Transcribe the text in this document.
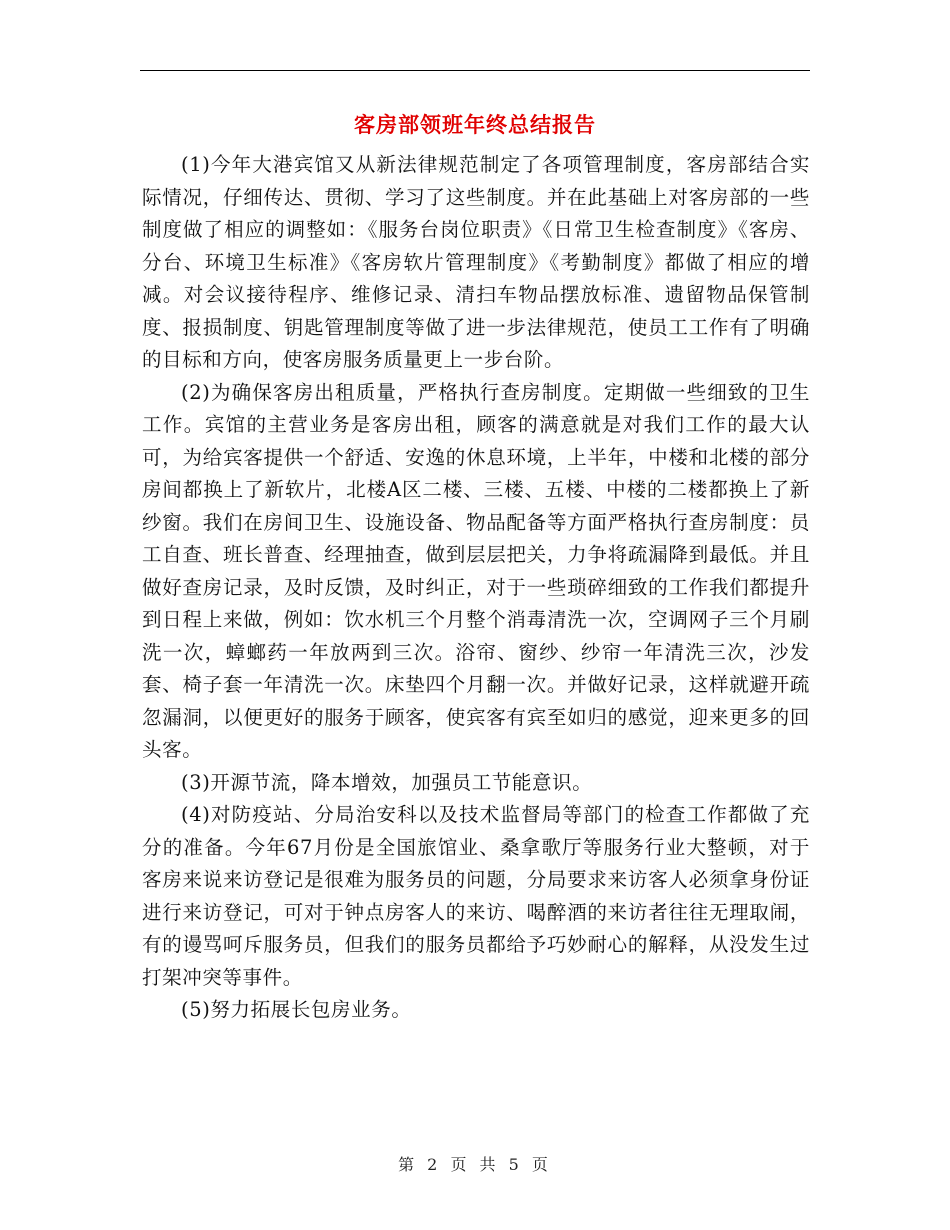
客房部领班年终总结报告

(1)今年大港宾馆又从新法律规范制定了各项管理制度，客房部结合实际情况，仔细传达、贯彻、学习了这些制度。并在此基础上对客房部的一些制度做了相应的调整如：《服务台岗位职责》《日常卫生检查制度》《客房、分台、环境卫生标准》《客房软片管理制度》《考勤制度》都做了相应的增减。对会议接待程序、维修记录、清扫车物品摆放标准、遗留物品保管制度、报损制度、钥匙管理制度等做了进一步法律规范，使员工工作有了明确的目标和方向，使客房服务质量更上一步台阶。

(2)为确保客房出租质量，严格执行查房制度。定期做一些细致的卫生工作。宾馆的主营业务是客房出租，顾客的满意就是对我们工作的最大认可，为给宾客提供一个舒适、安逸的休息环境，上半年，中楼和北楼的部分房间都换上了新软片，北楼A区二楼、三楼、五楼、中楼的二楼都换上了新纱窗。我们在房间卫生、设施设备、物品配备等方面严格执行查房制度：员工自查、班长普查、经理抽查，做到层层把关，力争将疏漏降到最低。并且做好查房记录，及时反馈，及时纠正，对于一些琐碎细致的工作我们都提升到日程上来做，例如：饮水机三个月整个消毒清洗一次，空调网子三个月刷洗一次，蟑螂药一年放两到三次。浴帘、窗纱、纱帘一年清洗三次，沙发套、椅子套一年清洗一次。床垫四个月翻一次。并做好记录，这样就避开疏忽漏洞，以便更好的服务于顾客，使宾客有宾至如归的感觉，迎来更多的回头客。

(3)开源节流，降本增效，加强员工节能意识。

(4)对防疫站、分局治安科以及技术监督局等部门的检查工作都做了充分的准备。今年67月份是全国旅馆业、桑拿歌厅等服务行业大整顿，对于客房来说来访登记是很难为服务员的问题，分局要求来访客人必须拿身份证进行来访登记，可对于钟点房客人的来访、喝醉酒的来访者往往无理取闹，有的谩骂呵斥服务员，但我们的服务员都给予巧妙耐心的解释，从没发生过打架冲突等事件。

(5)努力拓展长包房业务。

第 2 页 共 5 页
